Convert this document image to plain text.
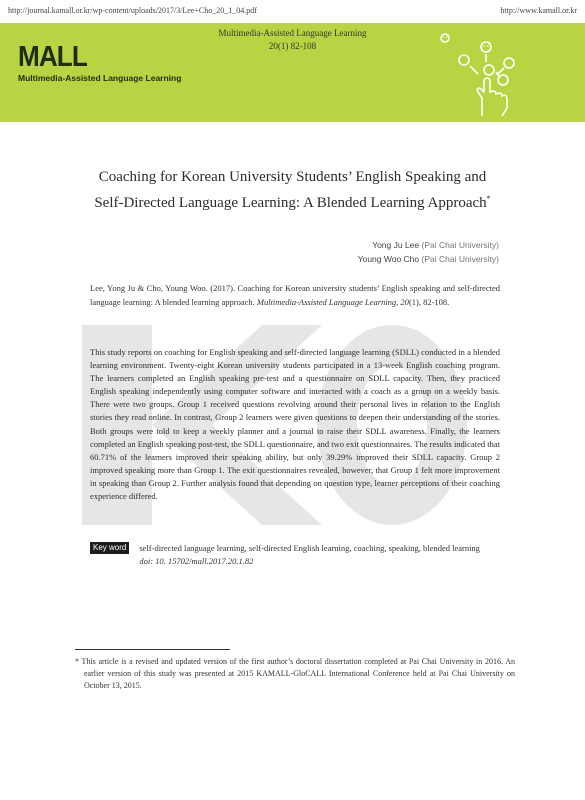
http://journal.kamall.or.kr/wp-content/uploads/2017/3/Lee+Cho_20_1_04.pdf	http://www.kamall.or.kr
Multimedia-Assisted Language Learning
20(1) 82-108
MALL
Multimedia-Assisted Language Learning
Coaching for Korean University Students’ English Speaking and
Self-Directed Language Learning: A Blended Learning Approach*
Yong Ju Lee (Pai Chai University)
Young Woo Cho (Pai Chai University)
Lee, Yong Ju & Cho, Young Woo. (2017). Coaching for Korean university students’ English speaking and self-directed language learning: A blended learning approach. Multimedia-Assisted Language Learning, 20(1), 82-108.
This study reports on coaching for English speaking and self-directed language learning (SDLL) conducted in a blended learning environment. Twenty-eight Korean university students participated in a 13-week English coaching program. The learners completed an English speaking pre-test and a questionnaire on SDLL capacity. Then, they practiced English speaking independently using computer software and interacted with a coach as a group on a weekly basis. There were two groups. Group 1 received questions revolving around their personal lives in relation to the English stories they read online. In contrast, Group 2 learners were given questions to deepen their understanding of the stories. Both groups were told to keep a weekly planner and a journal to raise their SDLL awareness. Finally, the learners completed an English speaking post-test, the SDLL questionnaire, and two exit questionnaires. The results indicated that 60.71% of the learners improved their speaking ability, but only 39.29% improved their SDLL capacity. Group 2 improved speaking more than Group 1. The exit questionnaires revealed, however, that Group 1 felt more improvement in speaking than Group 2. Further analysis found that depending on question type, learner perceptions of their coaching experience differed.
Key word	self-directed language learning, self-directed English learning, coaching, speaking, blended learning
doi: 10. 15702/mall.2017.20.1.82
* This article is a revised and updated version of the first author’s doctoral dissertation completed at Pai Chai University in 2016. An earlier version of this study was presented at 2015 KAMALL-GloCALL International Conference held at Pai Chai University on October 13, 2015.
